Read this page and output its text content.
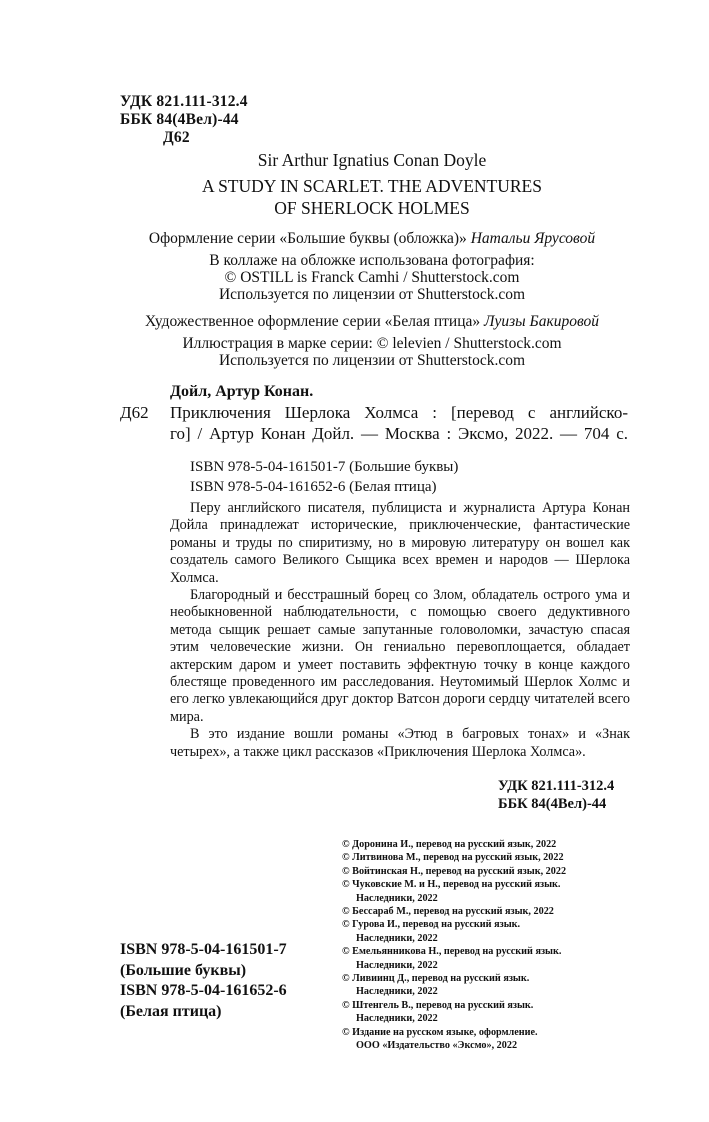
УДК 821.111-312.4
ББК 84(4Вел)-44
Д62
Sir Arthur Ignatius Conan Doyle
A STUDY IN SCARLET. THE ADVENTURES
OF SHERLOCK HOLMES
Оформление серии «Большие буквы (обложка)» Натальи Ярусовой
В коллаже на обложке использована фотография:
© OSTILL is Franck Camhi / Shutterstock.com
Используется по лицензии от Shutterstock.com
Художественное оформление серии «Белая птица» Луизы Бакировой
Иллюстрация в марке серии: © lelevien / Shutterstock.com
Используется по лицензии от Shutterstock.com
Дойл, Артур Конан.
Д62 Приключения Шерлока Холмса : [перевод с английско-
го] / Артур Конан Дойл. — Москва : Эксмо, 2022. — 704 с.
ISBN 978-5-04-161501-7 (Большие буквы)
ISBN 978-5-04-161652-6 (Белая птица)

Перу английского писателя, публициста и журналиста Артура Конан Дойла принадлежат исторические, приключенческие, фантастические романы и труды по спиритизму, но в мировую литературу он вошел как создатель самого Великого Сыщика всех времен и народов — Шерлока Холмса.

Благородный и бесстрашный борец со Злом, обладатель острого ума и необыкновенной наблюдательности, с помощью своего дедуктивного метода сыщик решает самые запутанные головоломки, зачастую спасая этим человеческие жизни. Он гениально перевоплощается, обладает актерским даром и умеет поставить эффектную точку в конце каждого блестяще проведенного им расследования. Неутомимый Шерлок Холмс и его легко увлекающийся друг доктор Ватсон дороги сердцу читателей всего мира.

В это издание вошли романы «Этюд в багровых тонах» и «Знак четырех», а также цикл рассказов «Приключения Шерлока Холмса».

УДК 821.111-312.4
ББК 84(4Вел)-44
© Доронина И., перевод на русский язык, 2022
© Литвинова М., перевод на русский язык, 2022
© Войтинская Н., перевод на русский язык, 2022
© Чуковские М. и Н., перевод на русский язык.
Наследники, 2022
© Бессараб М., перевод на русский язык, 2022
© Гурова И., перевод на русский язык.
Наследники, 2022
© Емельянникова Н., перевод на русский язык.
Наследники, 2022
© Ливиинц Д., перевод на русский язык.
Наследники, 2022
© Штенгель В., перевод на русский язык.
Наследники, 2022
© Издание на русском языке, оформление.
ООО «Издательство «Эксмо», 2022
ISBN 978-5-04-161501-7
(Большие буквы)
ISBN 978-5-04-161652-6
(Белая птица)
